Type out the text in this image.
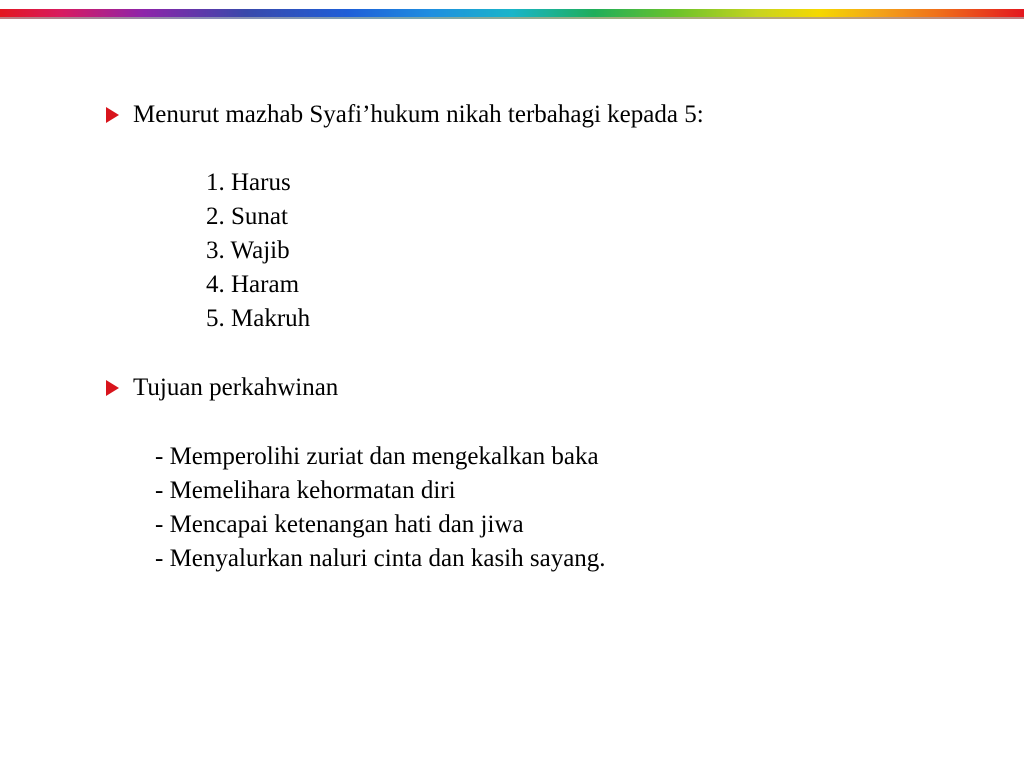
Menurut mazhab Syafi’hukum nikah terbahagi kepada 5:
1. Harus
2. Sunat
3. Wajib
4. Haram
5. Makruh
Tujuan perkahwinan
- Memperolihi zuriat dan mengekalkan baka
- Memelihara kehormatan diri
- Mencapai ketenangan hati dan jiwa
- Menyalurkan naluri cinta dan kasih sayang.
